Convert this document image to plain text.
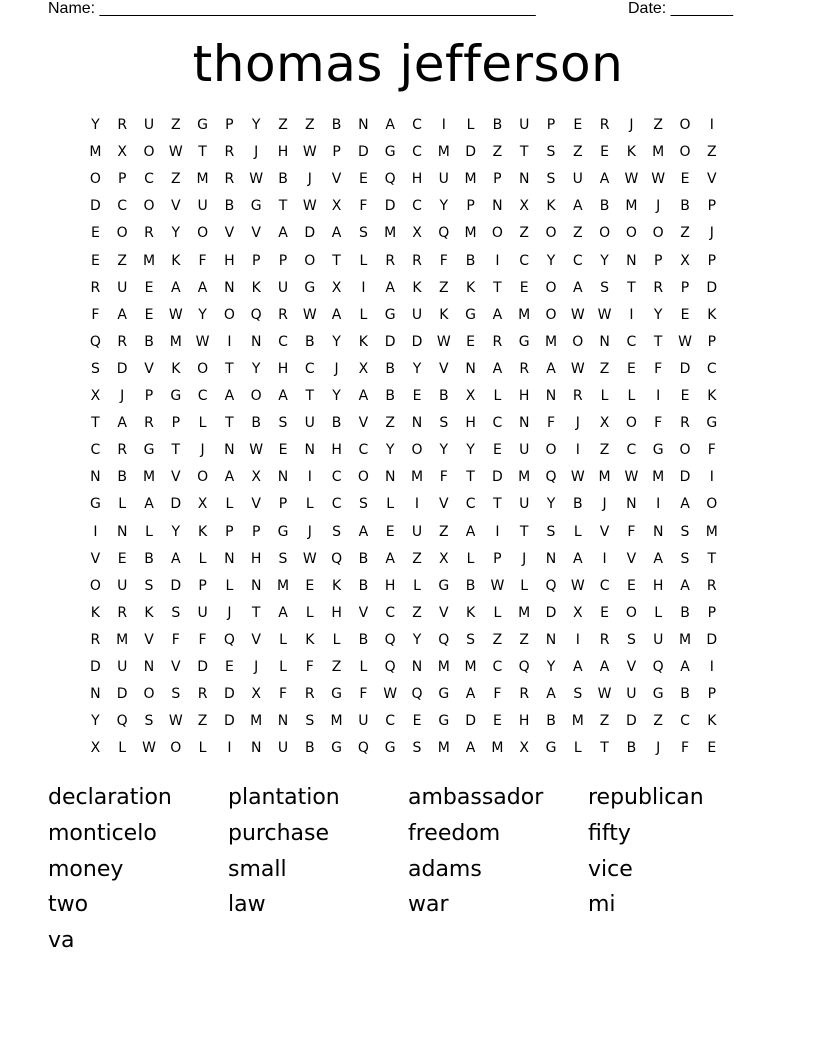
Name: _________________________________________________	Date: _______
thomas jefferson
Y	R	U	Z	G	P	Y	Z	Z	B	N	A	C	I	L	B	U	P	E	R	J	Z	O	I
M	X	O	W	T	R	J	H	W	P	D	G	C	M	D	Z	T	S	Z	E	K	M	O	Z
O	P	C	Z	M	R	W	B	J	V	E	Q	H	U	M	P	N	S	U	A	W W	E	V
D	C	O	V	U	B	G	T	W	X	F	D	C	Y	P	N	X	K	A	B	M	J	B	P
E	O	R	Y	O	V	V	A	D	A	S	M	X	Q	M	O	Z	O	Z	O	O	O	Z	J
E	Z	M	K	F	H	P	P	O	T	L	R	R	F	B	I	C	Y	C	Y	N	P	X	P
R	U	E	A	A	N	K	U	G	X	I	A	K	Z	K	T	E	O	A	S	T	R	P	D
F	A	E	W	Y	O	Q	R	W	A	L	G	U	K	G	A	M	O	W W	I	Y	E	K
Q	R	B	M W	I	N	C	B	Y	K	D	D	W	E	R	G	M	O	N	C	T	W	P
S	D	V	K	O	T	Y	H	C	J	X	B	Y	V	N	A	R	A	W	Z	E	F	D	C
X	J	P	G	C	A	O	A	T	Y	A	B	E	B	X	L	H	N	R	L	L	I	E	K
T	A	R	P	L	T	B	S	U	B	V	Z	N	S	H	C	N	F	J	X	O	F	R	G
C	R	G	T	J	N	W	E	N	H	C	Y	O	Y	Y	E	U	O	I	Z	C	G	O	F
N	B	M	V	O	A	X	N	I	C	O	N	M	F	T	D	M	Q	W M W M	D	I
G	L	A	D	X	L	V	P	L	C	S	L	I	V	C	T	U	Y	B	J	N	I	A	O
I	N	L	Y	K	P	P	G	J	S	A	E	U	Z	A	I	T	S	L	V	F	N	S	M
V	E	B	A	L	N	H	S	W	Q	B	A	Z	X	L	P	J	N	A	I	V	A	S	T
O	U	S	D	P	L	N	M	E	K	B	H	L	G	B	W	L	Q	W	C	E	H	A	R
K	R	K	S	U	J	T	A	L	H	V	C	Z	V	K	L	M	D	X	E	O	L	B	P
R	M	V	F	F	Q	V	L	K	L	B	Q	Y	Q	S	Z	Z	N	I	R	S	U	M	D
D	U	N	V	D	E	J	L	F	Z	L	Q	N	M	M	C	Q	Y	A	A	V	Q	A	I
N	D	O	S	R	D	X	F	R	G	F	W	Q	G	A	F	R	A	S	W	U	G	B	P
Y	Q	S	W	Z	D	M	N	S	M	U	C	E	G	D	E	H	B	M	Z	D	Z	C	K
X	L	W	O	L	I	N	U	B	G	Q	G	S	M	A	M	X	G	L	T	B	J	F	E
declaration	plantation	ambassador republican
monticelo	purchase	freedom	fifty
money	small	adams	vice
two	law	war	mi
va
